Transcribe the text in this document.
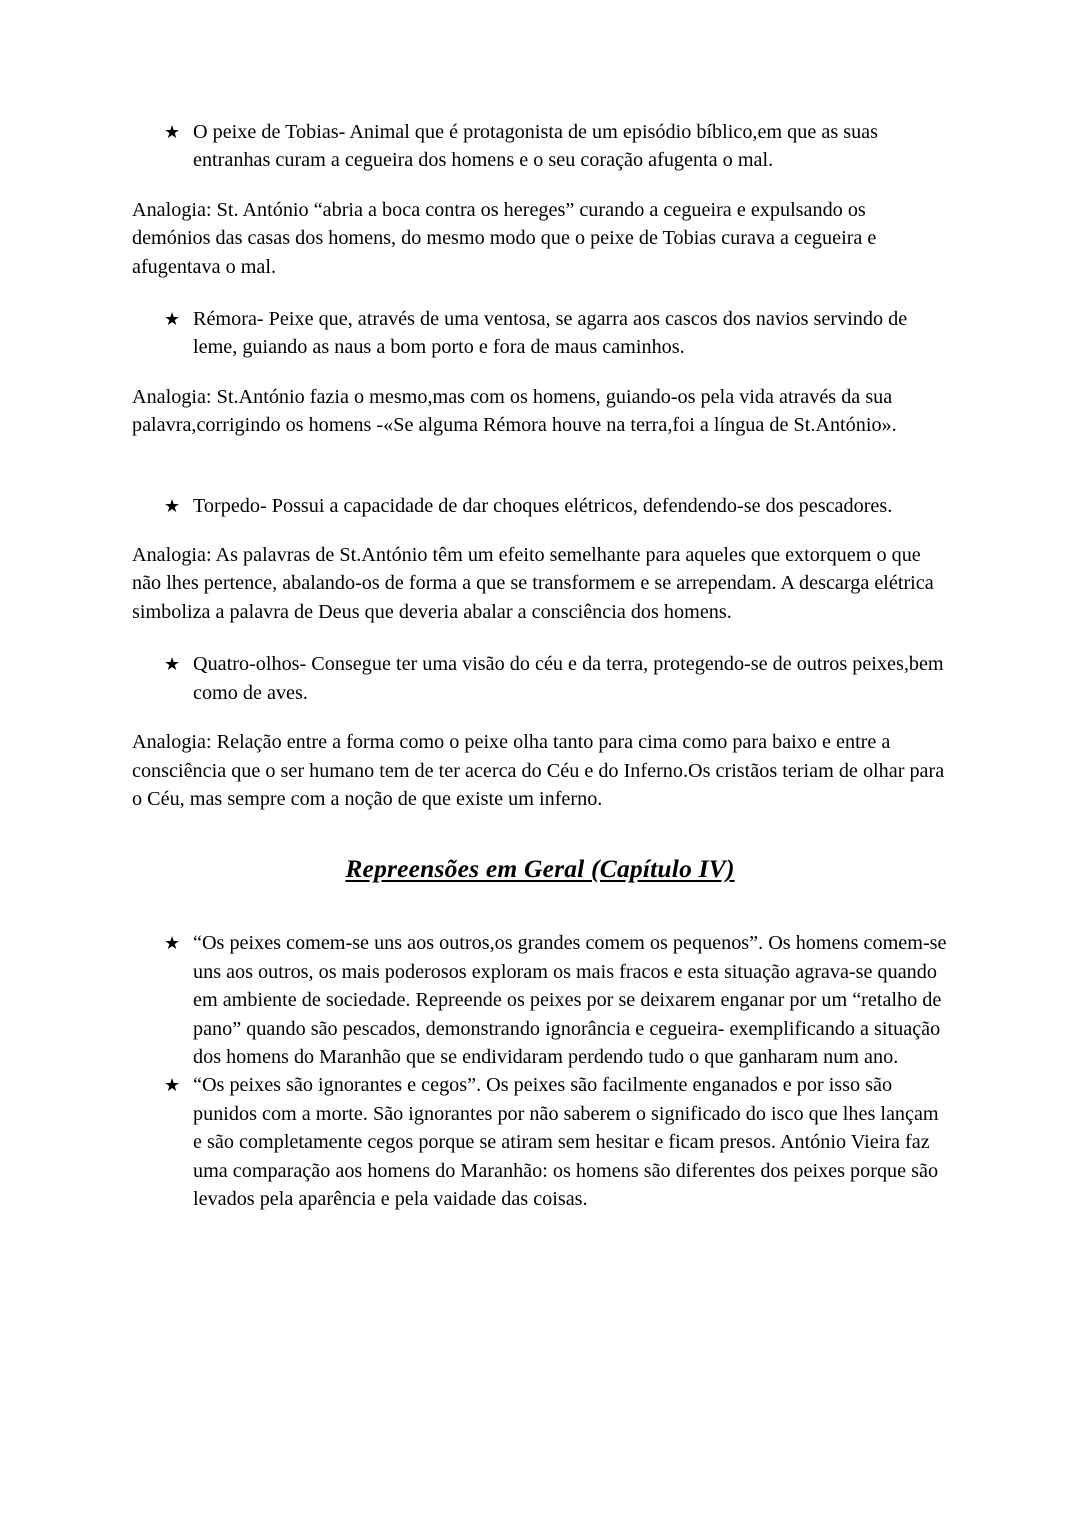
★ O peixe de Tobias- Animal que é protagonista de um episódio bíblico,em que as suas entranhas curam a cegueira dos homens e o seu coração afugenta o mal.

Analogia: St. António “abria a boca contra os hereges” curando a cegueira e expulsando os demónios das casas dos homens, do mesmo modo que o peixe de Tobias curava a cegueira e afugentava o mal.

★ Rémora- Peixe que, através de uma ventosa, se agarra aos cascos dos navios servindo de leme, guiando as naus a bom porto e fora de maus caminhos.

Analogia: St.António fazia o mesmo,mas com os homens, guiando-os pela vida através da sua palavra,corrigindo os homens -«Se alguma Rémora houve na terra,foi a língua de St.António».

★ Torpedo- Possui a capacidade de dar choques elétricos, defendendo-se dos pescadores.

Analogia: As palavras de St.António têm um efeito semelhante para aqueles que extorquem o que não lhes pertence, abalando-os de forma a que se transformem e se arrependam. A descarga elétrica simboliza a palavra de Deus que deveria abalar a consciência dos homens.

★ Quatro-olhos- Consegue ter uma visão do céu e da terra, protegendo-se de outros peixes,bem como de aves.

Analogia: Relação entre a forma como o peixe olha tanto para cima como para baixo e entre a consciência que o ser humano tem de ter acerca do Céu e do Inferno.Os cristãos teriam de olhar para o Céu, mas sempre com a noção de que existe um inferno.

Repreensões em Geral (Capítulo IV)
★ “Os peixes comem-se uns aos outros,os grandes comem os pequenos”. Os homens comem-se uns aos outros, os mais poderosos exploram os mais fracos e esta situação agrava-se quando em ambiente de sociedade. Repreende os peixes por se deixarem enganar por um “retalho de pano” quando são pescados, demonstrando ignorância e cegueira- exemplificando a situação dos homens do Maranhão que se endividaram perdendo tudo o que ganharam num ano.
★ “Os peixes são ignorantes e cegos”. Os peixes são facilmente enganados e por isso são punidos com a morte. São ignorantes por não saberem o significado do isco que lhes lançam e são completamente cegos porque se atiram sem hesitar e ficam presos. António Vieira faz uma comparação aos homens do Maranhão: os homens são diferentes dos peixes porque são levados pela aparência e pela vaidade das coisas.
